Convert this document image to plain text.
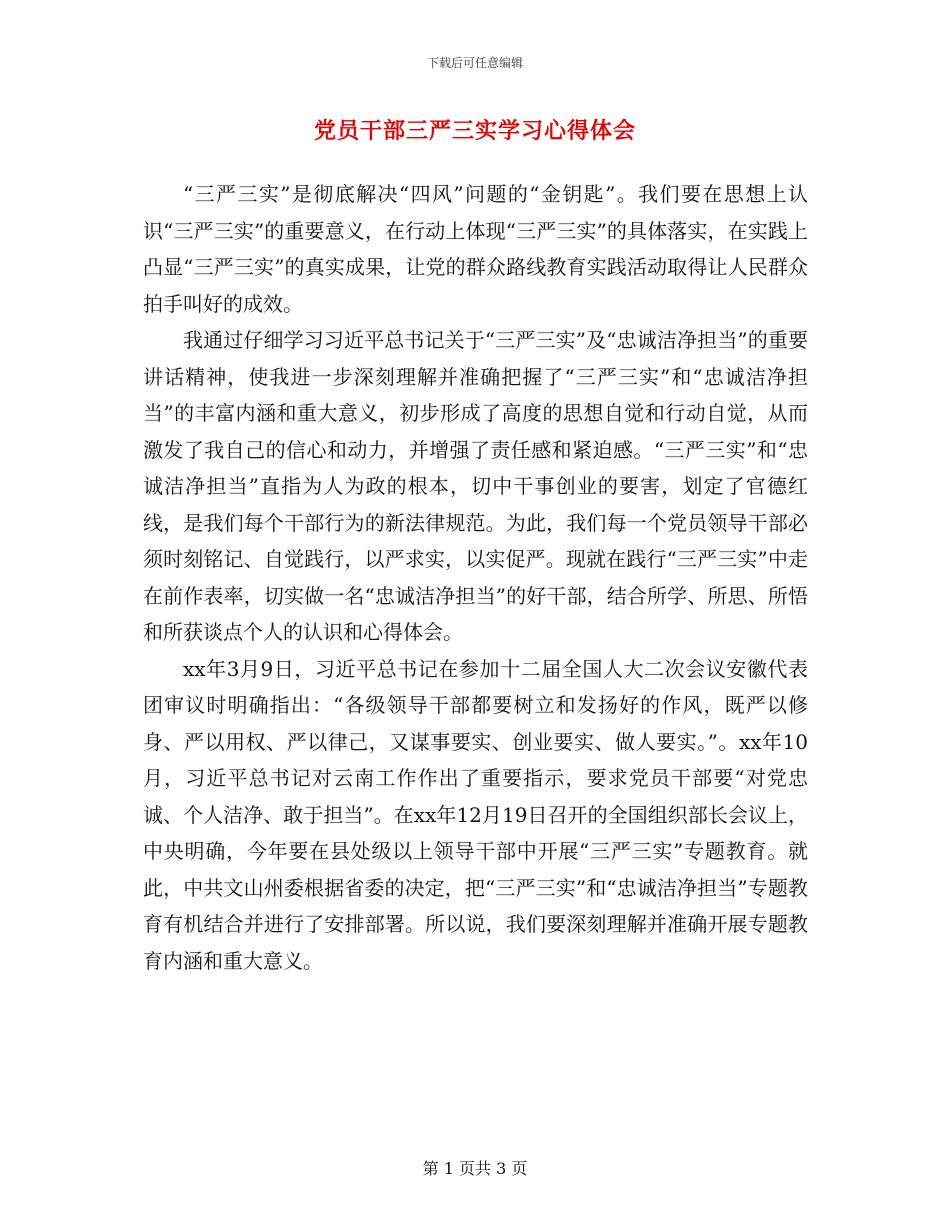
下载后可任意编辑
党员干部三严三实学习心得体会

“三严三实”是彻底解决“四风”问题的“金钥匙”。我们要在思想上认识“三严三实”的重要意义，在行动上体现“三严三实”的具体落实，在实践上凸显“三严三实”的真实成果，让党的群众路线教育实践活动取得让人民群众拍手叫好的成效。

我通过仔细学习习近平总书记关于“三严三实”及“忠诚洁净担当”的重要讲话精神，使我进一步深刻理解并准确把握了“三严三实”和“忠诚洁净担当”的丰富内涵和重大意义，初步形成了高度的思想自觉和行动自觉，从而激发了我自己的信心和动力，并增强了责任感和紧迫感。“三严三实”和“忠诚洁净担当”直指为人为政的根本，切中干事创业的要害，划定了官德红线，是我们每个干部行为的新法律规范。为此，我们每一个党员领导干部必须时刻铭记、自觉践行，以严求实，以实促严。现就在践行“三严三实”中走在前作表率，切实做一名“忠诚洁净担当”的好干部，结合所学、所思、所悟和所获谈点个人的认识和心得体会。

xx年3月9日，习近平总书记在参加十二届全国人大二次会议安徽代表团审议时明确指出：“各级领导干部都要树立和发扬好的作风，既严以修身、严以用权、严以律己，又谋事要实、创业要实、做人要实。”。xx年10月，习近平总书记对云南工作作出了重要指示，要求党员干部要“对党忠诚、个人洁净、敢于担当”。在xx年12月19日召开的全国组织部长会议上，中央明确，今年要在县处级以上领导干部中开展“三严三实”专题教育。就此，中共文山州委根据省委的决定，把“三严三实”和“忠诚洁净担当”专题教育有机结合并进行了安排部署。所以说，我们要深刻理解并准确开展专题教育内涵和重大意义。

第 1 页共 3 页
